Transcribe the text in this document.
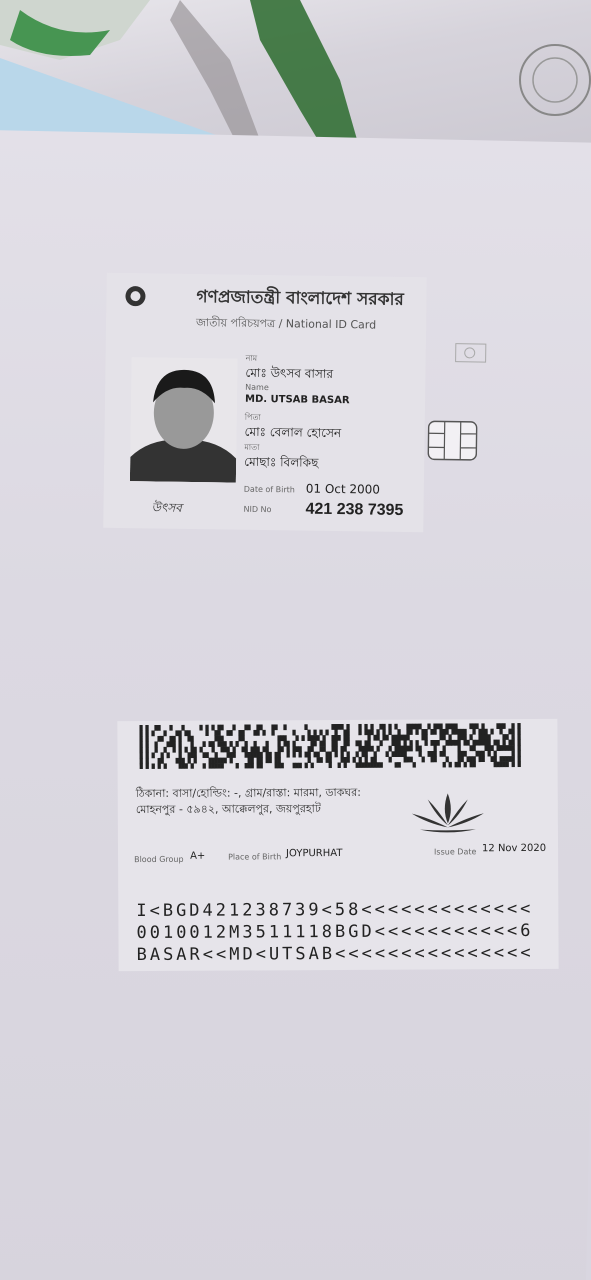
গণপ্রজাতন্ত্রী বাংলাদেশ সরকার
জাতীয় পরিচয়পত্র / National ID Card
নাম
মোঃ উৎসব বাসার
Name
MD. UTSAB BASAR
পিতা
মোঃ বেলাল হোসেন
মাতা
মোছাঃ বিলকিছ
Date of Birth 01 Oct 2000
NID No 421 238 7395
উৎসব
ঠিকানা: বাসা/হোল্ডিং: -, গ্রাম/রাস্তা: মারমা, ডাকঘর:
মোহনপুর - ৫৯৪২, আক্কেলপুর, জয়পুরহাট
Blood Group A+	Place of Birth JOYPURHAT	Issue Date 12 Nov 2020
I<BGD421238739<58<<<<<<<<<<<<<
0010012M3511118BGD<<<<<<<<<<<6
BASAR<<MD<UTSAB<<<<<<<<<<<<<<<
